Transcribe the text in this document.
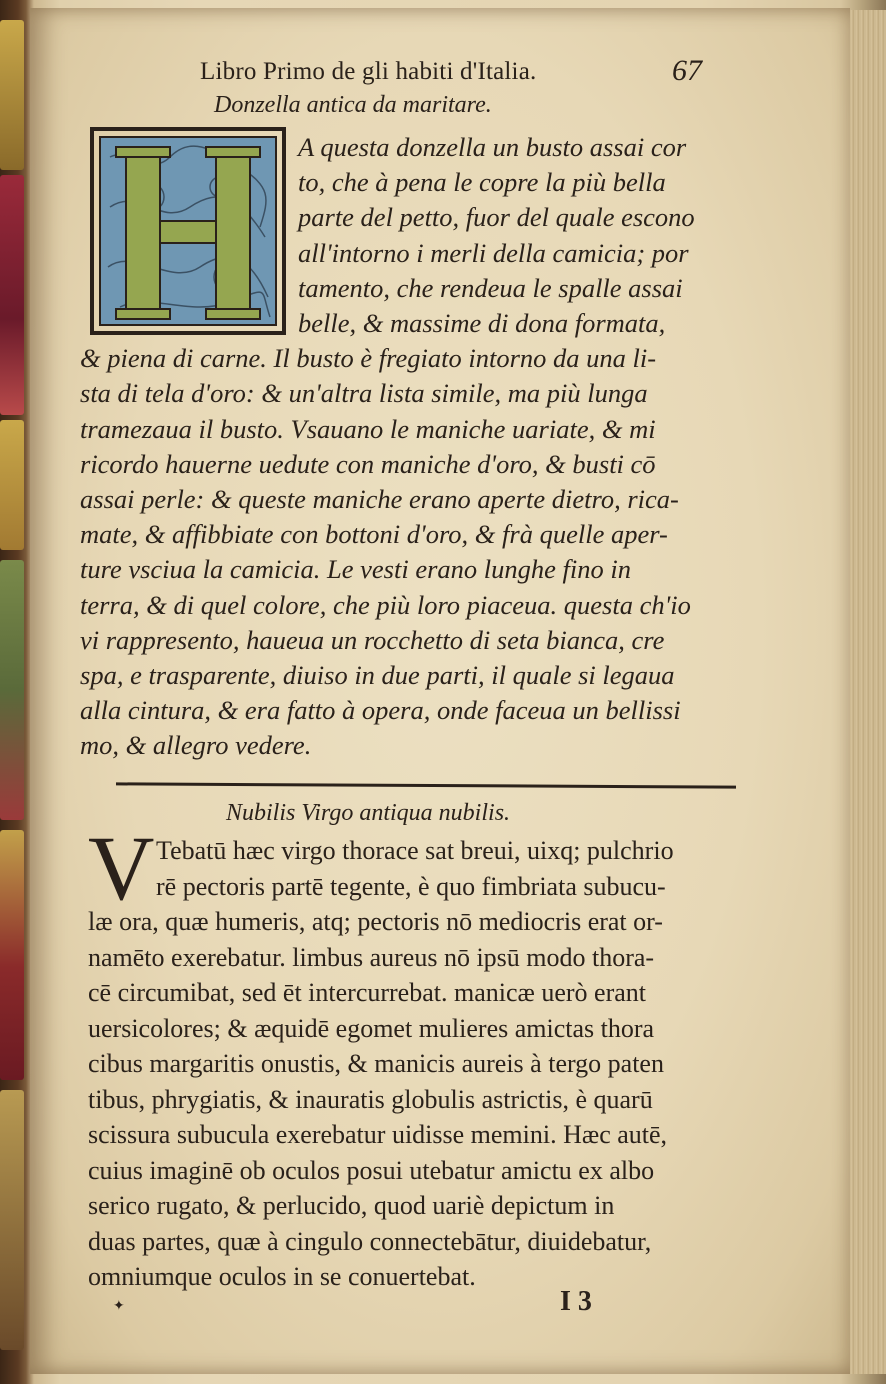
Libro Primo de gli habiti d'Italia.	67
Donzella antica da maritare.
A questa donzella un busto assai cor
to, che à pena le copre la più bella
parte del petto, fuor del quale escono
all'intorno i merli della camicia; por
tamento, che rendeua le spalle assai
belle, & massime di dona formata,
& piena di carne. Il busto è fregiato intorno da una li-
sta di tela d'oro: & un'altra lista simile, ma più lunga
tramezaua il busto. Vsauano le maniche uariate, & mi
ricordo hauerne uedute con maniche d'oro, & busti cō
assai perle: & queste maniche erano aperte dietro, rica-
mate, & affibbiate con bottoni d'oro, & frà quelle aper-
ture vsciua la camicia. Le vesti erano lunghe fino in
terra, & di quel colore, che più loro piaceua. questa ch'io
vi rappresento, haueua un rocchetto di seta bianca, cre
spa, e trasparente, diuiso in due parti, il quale si legaua
alla cintura, & era fatto à opera, onde faceua un bellissi
mo, & allegro vedere.
Nubilis Virgo antiqua nubilis.
V Tebatū hæc virgo thorace sat breui, uixq; pulchrio
rē pectoris partē tegente, è quo fimbriata subucu-
læ ora, quæ humeris, atq; pectoris nō mediocris erat or-
namēto exerebatur. limbus aureus nō ipsū modo thora-
cē circumibat, sed ēt intercurrebat. manicæ uerò erant
uersicolores; & æquidē egomet mulieres amictas thora
cibus margaritis onustis, & manicis aureis à tergo paten
tibus, phrygiatis, & inauratis globulis astrictis, è quarū
scissura subucula exerebatur uidisse memini. Hæc autē,
cuius imaginē ob oculos posui utebatur amictu ex albo
serico rugato, & perlucido, quod uariè depictum in
duas partes, quæ à cingulo connectebātur, diuidebatur,
omniumque oculos in se conuertebat.
✦	I 3
